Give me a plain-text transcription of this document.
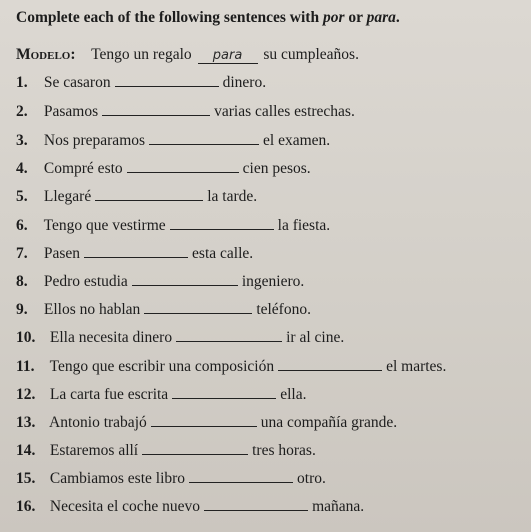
Complete each of the following sentences with por or para.
Modelo: Tengo un regalo para su cumpleaños.
1. Se casaron	dinero.
2. Pasamos	varias calles estrechas.
3. Nos preparamos	el examen.
4. Compré esto	cien pesos.
5. Llegaré	la tarde.
6. Tengo que vestirme	la fiesta.
7. Pasen	esta calle.
8. Pedro estudia	ingeniero.
9. Ellos no hablan	teléfono.
10. Ella necesita dinero	ir al cine.
11. Tengo que escribir una composición	el martes.
12. La carta fue escrita	ella.
13. Antonio trabajó	una compañía grande.
14. Estaremos allí	tres horas.
15. Cambiamos este libro	otro.
16. Necesita el coche nuevo	mañana.
